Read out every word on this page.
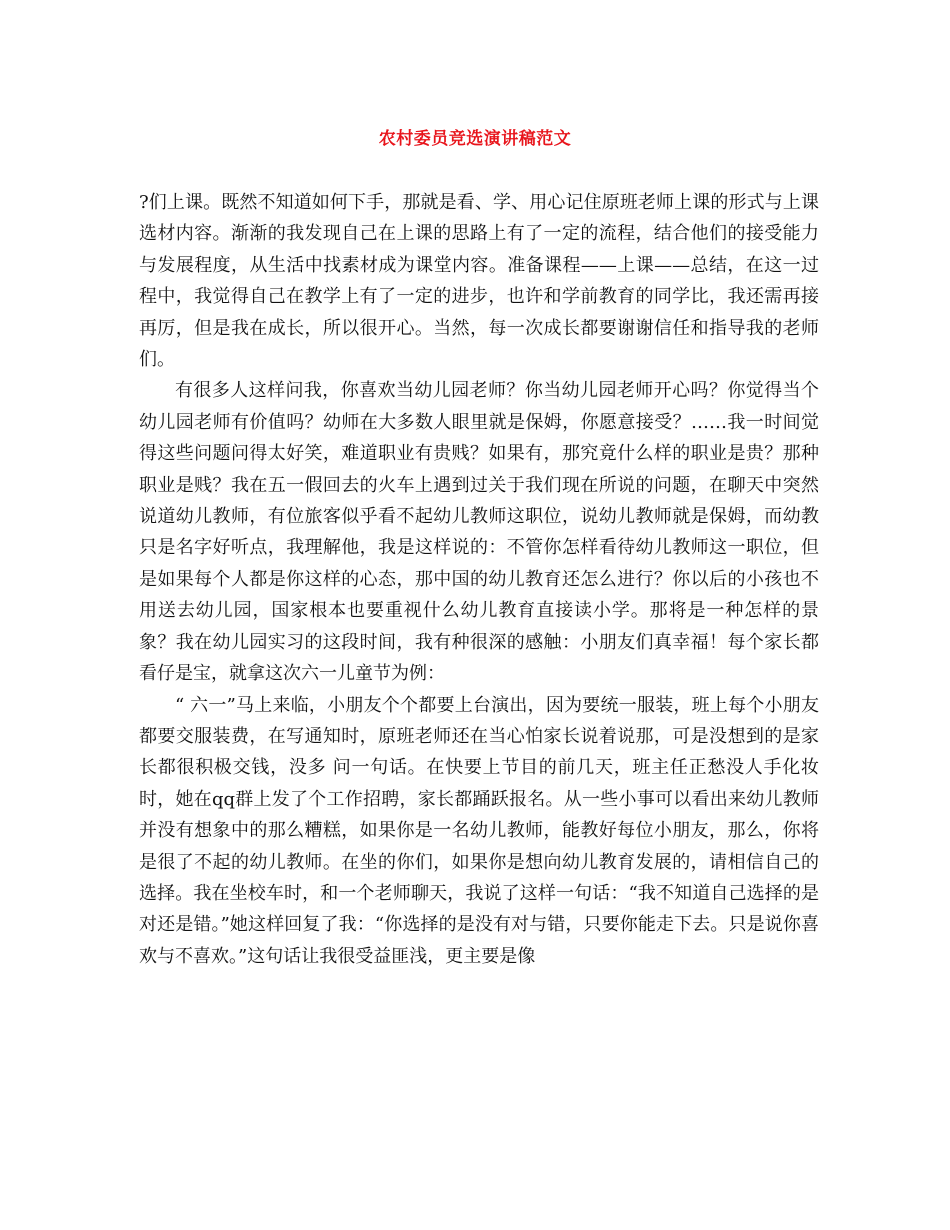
农村委员竞选演讲稿范文

?们上课。既然不知道如何下手，那就是看、学、用心记住原班老师上课的形式与上课选材内容。渐渐的我发现自己在上课的思路上有了一定的流程，结合他们的接受能力与发展程度，从生活中找素材成为课堂内容。准备课程——上课——总结，在这一过程中，我觉得自己在教学上有了一定的进步，也许和学前教育的同学比，我还需再接再厉，但是我在成长，所以很开心。当然，每一次成长都要谢谢信任和指导我的老师们。

有很多人这样问我，你喜欢当幼儿园老师？你当幼儿园老师开心吗？你觉得当个幼儿园老师有价值吗？幼师在大多数人眼里就是保姆，你愿意接受？……我一时间觉得这些问题问得太好笑，难道职业有贵贱？如果有，那究竟什么样的职业是贵？那种职业是贱？我在五一假回去的火车上遇到过关于我们现在所说的问题，在聊天中突然说道幼儿教师，有位旅客似乎看不起幼儿教师这职位，说幼儿教师就是保姆，而幼教只是名字好听点，我理解他，我是这样说的：不管你怎样看待幼儿教师这一职位，但是如果每个人都是你这样的心态，那中国的幼儿教育还怎么进行？你以后的小孩也不用送去幼儿园，国家根本也要重视什么幼儿教育直接读小学。那将是一种怎样的景象？我在幼儿园实习的这段时间，我有种很深的感触：小朋友们真幸福！每个家长都看仔是宝，就拿这次六一儿童节为例：

“ 六一”马上来临，小朋友个个都要上台演出，因为要统一服装，班上每个小朋友都要交服装费，在写通知时，原班老师还在当心怕家长说着说那，可是没想到的是家长都很积极交钱，没多 问一句话。在快要上节目的前几天，班主任正愁没人手化妆时，她在qq群上发了个工作招聘，家长都踊跃报名。从一些小事可以看出来幼儿教师并没有想象中的那么糟糕，如果你是一名幼儿教师，能教好每位小朋友，那么，你将是很了不起的幼儿教师。在坐的你们，如果你是想向幼儿教育发展的，请相信自己的选择。我在坐校车时，和一个老师聊天，我说了这样一句话：“我不知道自己选择的是对还是错。”她这样回复了我：“你选择的是没有对与错，只要你能走下去。只是说你喜欢与不喜欢。”这句话让我很受益匪浅，更主要是像
